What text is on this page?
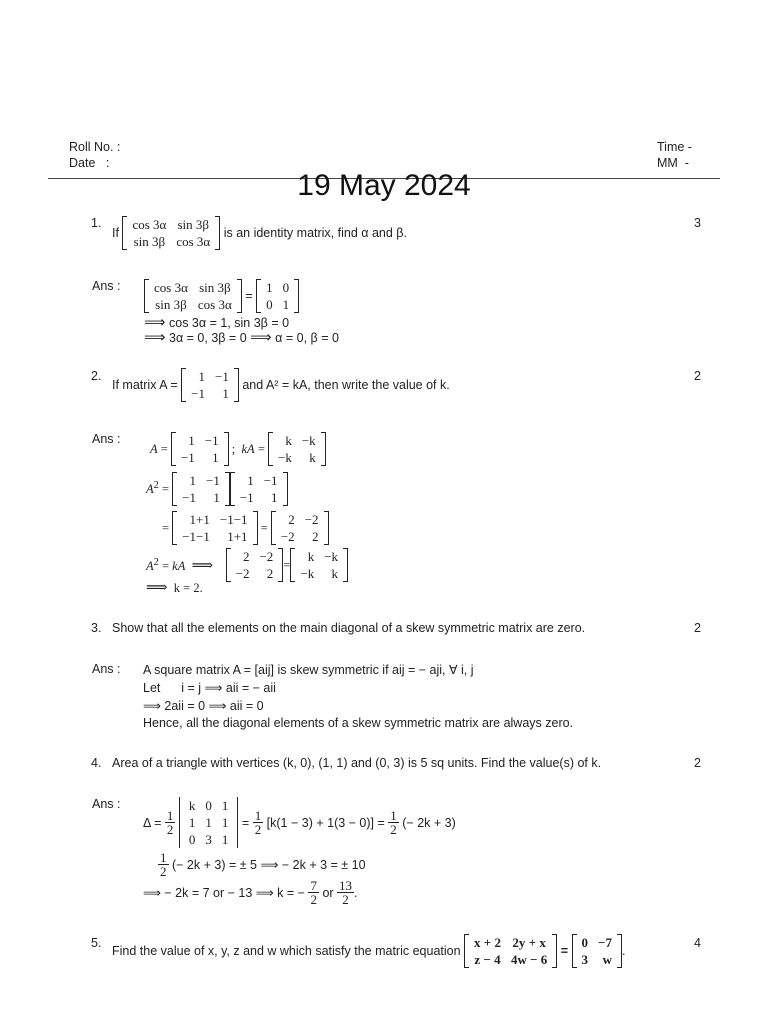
Roll No. :
Date   :
Time -
MM  -
19 May 2024
1.	3
If
cos 3α	sin 3β
sin 3β	cos 3α
is an identity matrix, find α and β.
Ans :	cos 3α	sin 3β
sin 3β	cos 3α
=
1	0
0	1
⟹ cos 3α = 1, sin 3β = 0
⟹ 3α = 0, 3β = 0 ⟹ α = 0, β = 0
2.	2
If matrix A =
1	−1
−1	1
and A² = kA, then write the value of k.
Ans :
A =
1	−1
−1	1
;  kA =
k	−k
−k	k
$A^2$ =
1	−1
−1	1
1	−1
−1	1
=
1+1	−1−1
−1−1	1+1
=
2	−2
−2	2
$A^2$ = kA ⟹
2	−2
−2	2
=
k	−k
−k	k
⟹ k = 2.
3. Show that all the elements on the main diagonal of a skew symmetric matrix are zero.	2
Ans : A square matrix A = [aij] is skew symmetric if aij = − aji, ∀ i, j
Let      i = j ⟹ aii = − aii
⟹ 2aii = 0 ⟹ aii = 0
Hence, all the diagonal elements of a skew symmetric matrix are always zero.
4. Area of a triangle with vertices (k, 0), (1, 1) and (0, 3) is 5 sq units. Find the value(s) of k.	2
Ans :
$\Delta = \frac{1}{2}$

k	0	1
1	1	1
0	3	1
= $\frac{1}{2} [k(1 - 3) + 1(3 - 0)] = \frac{1}{2}$ (− 2k + 3)
$\frac{1}{2}$ (− 2k + 3) = ± 5 ⟹ − 2k + 3 = ± 10
⟹ − 2k = 7 or − 13 ⟹ k = − $\frac{7}{2}$ or $\frac{13}{2}$ .
5.	4
Find the value of x, y, z and w which satisfy the matric equation
x + 2	2y + x
z − 4	4w − 6
=
0	−7
3	w
.
